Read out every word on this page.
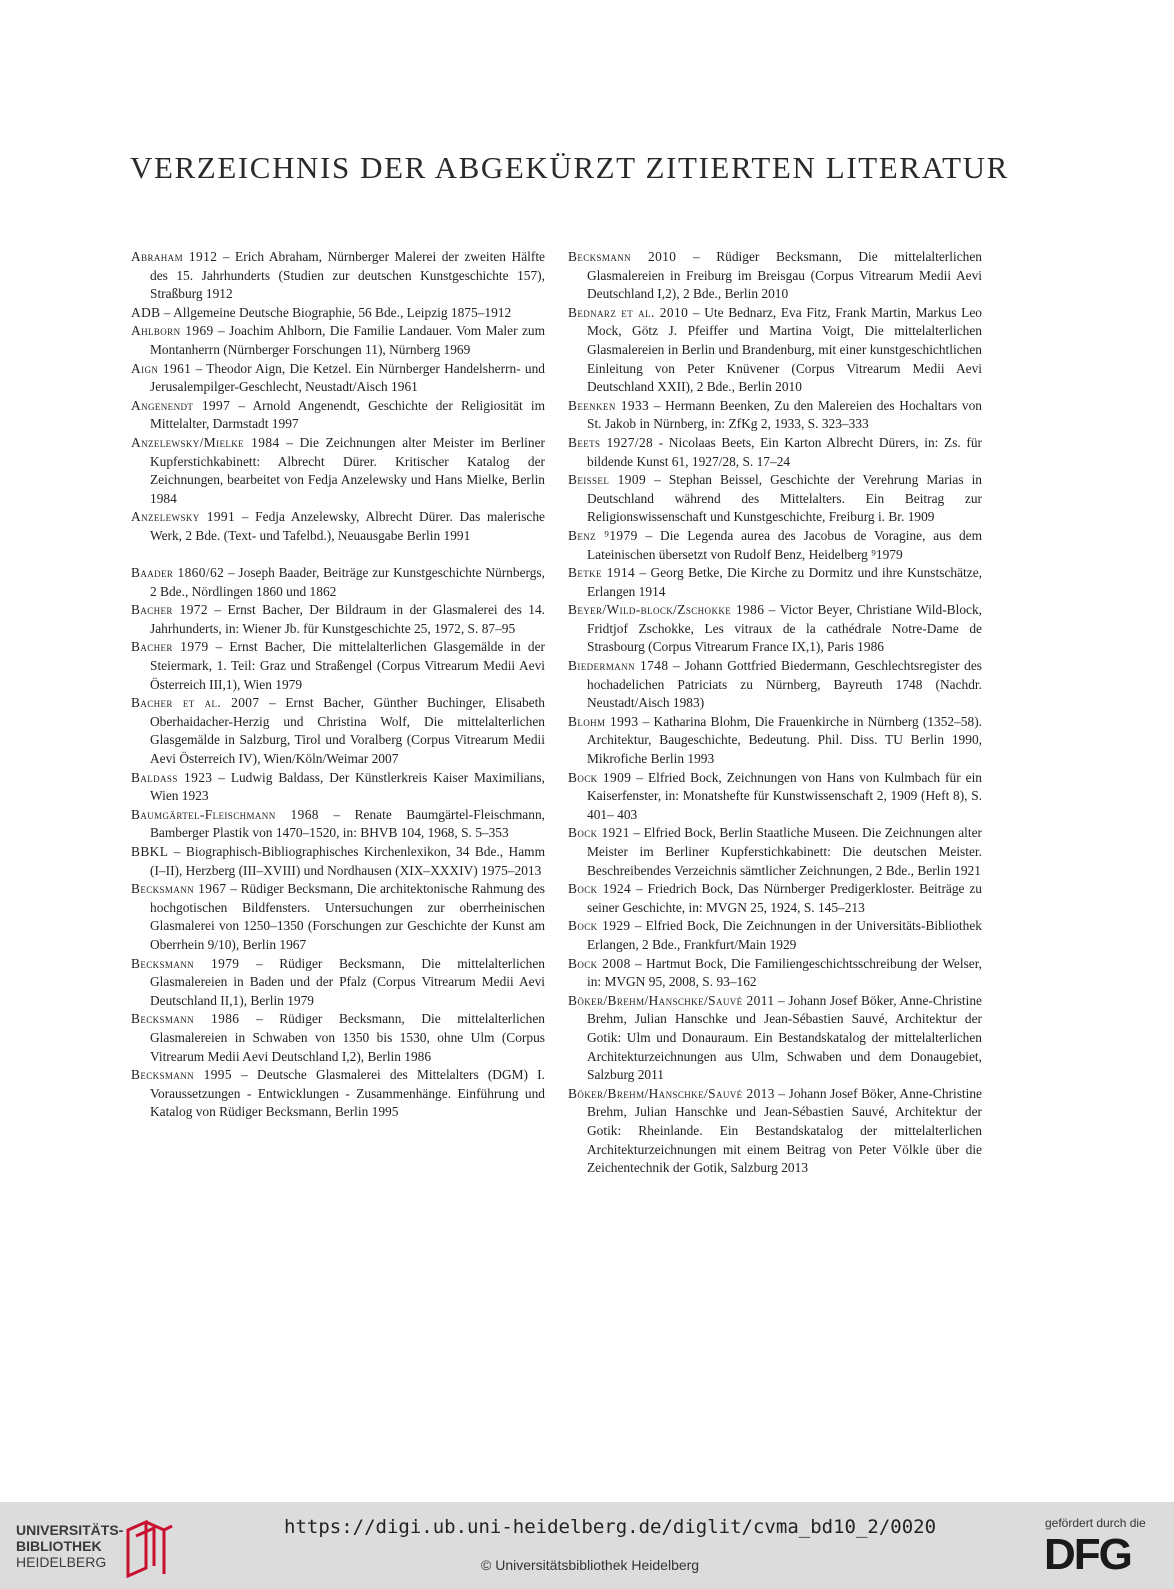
VERZEICHNIS DER ABGEKÜRZT ZITIERTEN LITERATUR

Abraham 1912 – Erich Abraham, Nürnberger Malerei der zweiten Hälfte des 15. Jahrhunderts (Studien zur deutschen Kunstgeschichte 157), Straßburg 1912

ADB – Allgemeine Deutsche Biographie, 56 Bde., Leipzig 1875–1912

Ahlborn 1969 – Joachim Ahlborn, Die Familie Landauer. Vom Maler zum Montanherrn (Nürnberger Forschungen 11), Nürnberg 1969

Aign 1961 – Theodor Aign, Die Ketzel. Ein Nürnberger Handelsherrn- und Jerusalempilger-Geschlecht, Neustadt/Aisch 1961

Angenendt 1997 – Arnold Angenendt, Geschichte der Religiosität im Mittelalter, Darmstadt 1997

Anzelewsky/Mielke 1984 – Die Zeichnungen alter Meister im Berliner Kupferstichkabinett: Albrecht Dürer. Kritischer Katalog der Zeichnungen, bearbeitet von Fedja Anzelewsky und Hans Mielke, Berlin 1984

Anzelewsky 1991 – Fedja Anzelewsky, Albrecht Dürer. Das malerische Werk, 2 Bde. (Text- und Tafelbd.), Neuausgabe Berlin 1991

Baader 1860/62 – Joseph Baader, Beiträge zur Kunstgeschichte Nürnbergs, 2 Bde., Nördlingen 1860 und 1862

Bacher 1972 – Ernst Bacher, Der Bildraum in der Glasmalerei des 14. Jahrhunderts, in: Wiener Jb. für Kunstgeschichte 25, 1972, S. 87–95

Bacher 1979 – Ernst Bacher, Die mittelalterlichen Glasgemälde in der Steiermark, 1. Teil: Graz und Straßengel (Corpus Vitrearum Medii Aevi Österreich III,1), Wien 1979

Bacher et al. 2007 – Ernst Bacher, Günther Buchinger, Elisabeth Oberhaidacher-Herzig und Christina Wolf, Die mittelalterlichen Glasgemälde in Salzburg, Tirol und Voralberg (Corpus Vitrearum Medii Aevi Österreich IV), Wien/Köln/Weimar 2007

Baldass 1923 – Ludwig Baldass, Der Künstlerkreis Kaiser Maximilians, Wien 1923

Baumgärtel-Fleischmann 1968 – Renate Baumgärtel-Fleischmann, Bamberger Plastik von 1470–1520, in: BHVB 104, 1968, S. 5–353

BBKL – Biographisch-Bibliographisches Kirchenlexikon, 34 Bde., Hamm (I–II), Herzberg (III–XVIII) und Nordhausen (XIX–XXXIV) 1975–2013

Becksmann 1967 – Rüdiger Becksmann, Die architektonische Rahmung des hochgotischen Bildfensters. Untersuchungen zur oberrheinischen Glasmalerei von 1250–1350 (Forschungen zur Geschichte der Kunst am Oberrhein 9/10), Berlin 1967

Becksmann 1979 – Rüdiger Becksmann, Die mittelalterlichen Glasmalereien in Baden und der Pfalz (Corpus Vitrearum Medii Aevi Deutschland II,1), Berlin 1979

Becksmann 1986 – Rüdiger Becksmann, Die mittelalterlichen Glasmalereien in Schwaben von 1350 bis 1530, ohne Ulm (Corpus Vitrearum Medii Aevi Deutschland I,2), Berlin 1986

Becksmann 1995 – Deutsche Glasmalerei des Mittelalters (DGM) I. Voraussetzungen - Entwicklungen - Zusammenhänge. Einführung und Katalog von Rüdiger Becksmann, Berlin 1995

Becksmann 2010 – Rüdiger Becksmann, Die mittelalterlichen Glasmalereien in Freiburg im Breisgau (Corpus Vitrearum Medii Aevi Deutschland I,2), 2 Bde., Berlin 2010

Bednarz et al. 2010 – Ute Bednarz, Eva Fitz, Frank Martin, Markus Leo Mock, Götz J. Pfeiffer und Martina Voigt, Die mittelalterlichen Glasmalereien in Berlin und Brandenburg, mit einer kunstgeschichtlichen Einleitung von Peter Knüvener (Corpus Vitrearum Medii Aevi Deutschland XXII), 2 Bde., Berlin 2010

Beenken 1933 – Hermann Beenken, Zu den Malereien des Hochaltars von St. Jakob in Nürnberg, in: ZfKg 2, 1933, S. 323–333

Beets 1927/28 - Nicolaas Beets, Ein Karton Albrecht Dürers, in: Zs. für bildende Kunst 61, 1927/28, S. 17–24

Beissel 1909 – Stephan Beissel, Geschichte der Verehrung Marias in Deutschland während des Mittelalters. Ein Beitrag zur Religionswissenschaft und Kunstgeschichte, Freiburg i. Br. 1909

Benz ⁹1979 – Die Legenda aurea des Jacobus de Voragine, aus dem Lateinischen übersetzt von Rudolf Benz, Heidelberg ⁹1979

Betke 1914 – Georg Betke, Die Kirche zu Dormitz und ihre Kunstschätze, Erlangen 1914

Beyer/Wild-block/Zschokke 1986 – Victor Beyer, Christiane Wild-Block, Fridtjof Zschokke, Les vitraux de la cathédrale Notre-Dame de Strasbourg (Corpus Vitrearum France IX,1), Paris 1986

Biedermann 1748 – Johann Gottfried Biedermann, Geschlechtsregister des hochadelichen Patriciats zu Nürnberg, Bayreuth 1748 (Nachdr. Neustadt/Aisch 1983)

Blohm 1993 – Katharina Blohm, Die Frauenkirche in Nürnberg (1352–58). Architektur, Baugeschichte, Bedeutung. Phil. Diss. TU Berlin 1990, Mikrofiche Berlin 1993

Bock 1909 – Elfried Bock, Zeichnungen von Hans von Kulmbach für ein Kaiserfenster, in: Monatshefte für Kunstwissenschaft 2, 1909 (Heft 8), S. 401– 403

Bock 1921 – Elfried Bock, Berlin Staatliche Museen. Die Zeichnungen alter Meister im Berliner Kupferstichkabinett: Die deutschen Meister. Beschreibendes Verzeichnis sämtlicher Zeichnungen, 2 Bde., Berlin 1921

Bock 1924 – Friedrich Bock, Das Nürnberger Predigerkloster. Beiträge zu seiner Geschichte, in: MVGN 25, 1924, S. 145–213

Bock 1929 – Elfried Bock, Die Zeichnungen in der Universitäts-Bibliothek Erlangen, 2 Bde., Frankfurt/Main 1929

Bock 2008 – Hartmut Bock, Die Familiengeschichtsschreibung der Welser, in: MVGN 95, 2008, S. 93–162

Böker/Brehm/Hanschke/Sauvé 2011 – Johann Josef Böker, Anne-Christine Brehm, Julian Hanschke und Jean-Sébastien Sauvé, Architektur der Gotik: Ulm und Donauraum. Ein Bestandskatalog der mittelalterlichen Architekturzeichnungen aus Ulm, Schwaben und dem Donaugebiet, Salzburg 2011

Böker/Brehm/Hanschke/Sauvé 2013 – Johann Josef Böker, Anne-Christine Brehm, Julian Hanschke und Jean-Sébastien Sauvé, Architektur der Gotik: Rheinlande. Ein Bestandskatalog der mittelalterlichen Architekturzeichnungen mit einem Beitrag von Peter Völkle über die Zeichentechnik der Gotik, Salzburg 2013

UNIVERSITÄTS-
BIBLIOTHEK
HEIDELBERG
https://digi.ub.uni-heidelberg.de/diglit/cvma_bd10_2/0020
© Universitätsbibliothek Heidelberg
gefördert durch die
DFG
